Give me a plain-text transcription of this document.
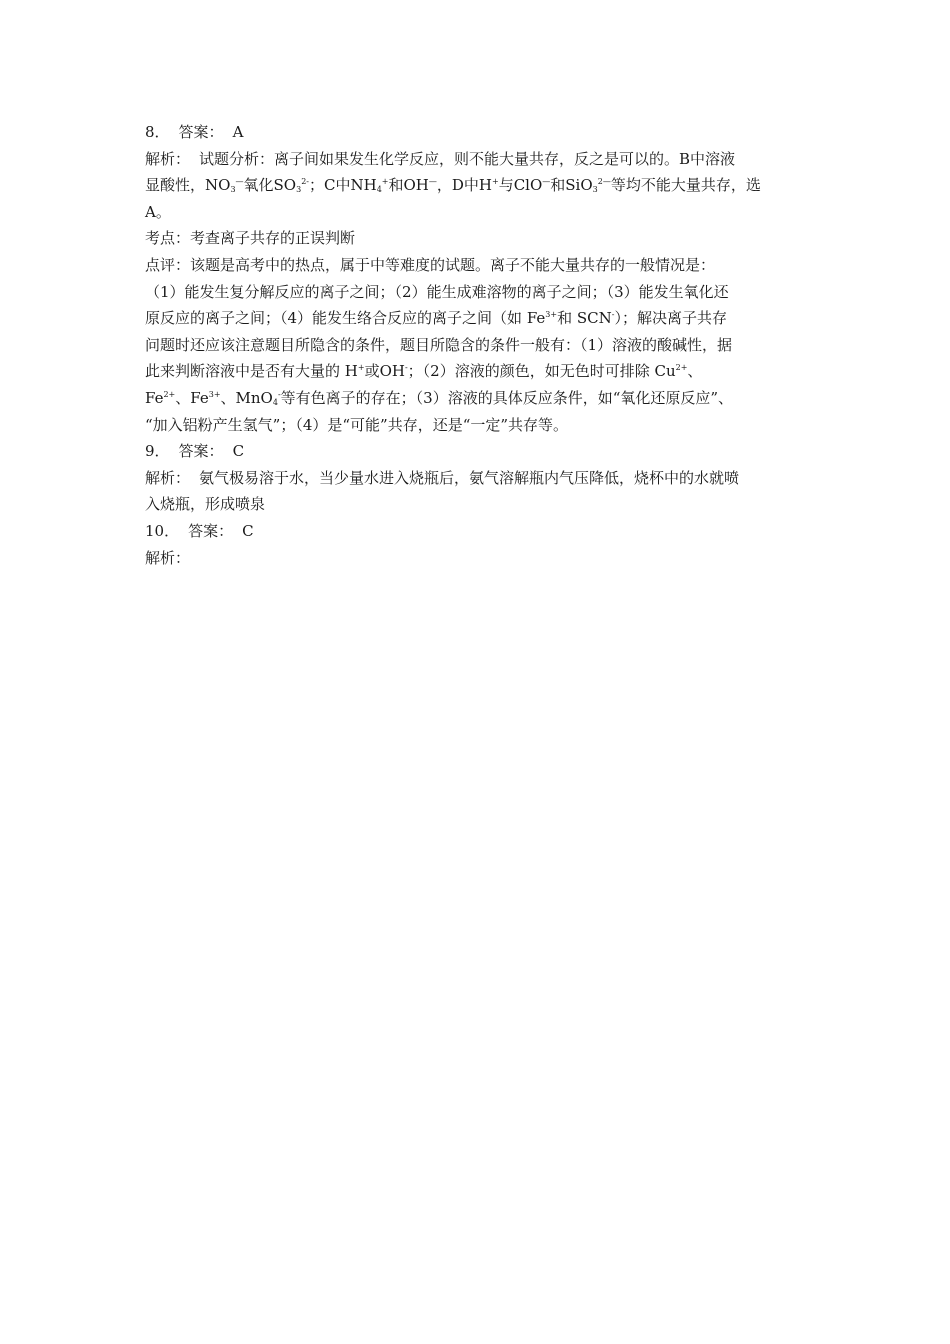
8． 答案： A
解析： 试题分析：离子间如果发生化学反应，则不能大量共存，反之是可以的。B中溶液
显酸性，$NO_3^—$氧化$SO_3^{2-}$；C中$NH_4^+$和OH—，D中H+与ClO—和SiO$_3^{2—}$等均不能大量共存，选
A。
考点：考查离子共存的正误判断
点评：该题是高考中的热点，属于中等难度的试题。离子不能大量共存的一般情况是：
（1）能发生复分解反应的离子之间；（2）能生成难溶物的离子之间；（3）能发生氧化还
原反应的离子之间；（4）能发生络合反应的离子之间（如 $Fe^{3+}$和 SCN-）；解决离子共存
问题时还应该注意题目所隐含的条件，题目所隐含的条件一般有：（1）溶液的酸碱性，据
此来判断溶液中是否有大量的 H+或OH-；（2）溶液的颜色，如无色时可排除 $Cu^{2+}$、
$Fe^{2+}$、$Fe^{3+}$、MnO$_4$-等有色离子的存在；（3）溶液的具体反应条件，如“氧化还原反应”、
“加入铝粉产生氢气”；（4）是“可能”共存，还是“一定”共存等。
9． 答案： C
解析： 氨气极易溶于水，当少量水进入烧瓶后，氨气溶解瓶内气压降低，烧杯中的水就喷
入烧瓶，形成喷泉
10． 答案： C
解析：
